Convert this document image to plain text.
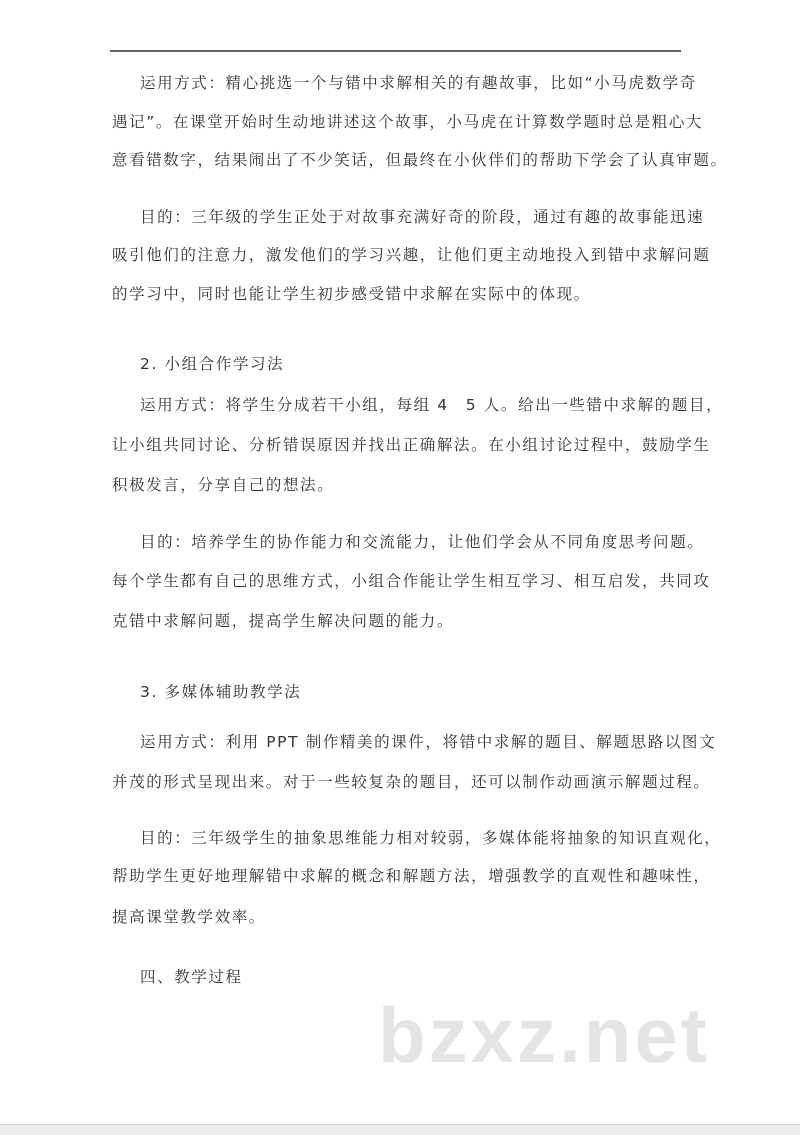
运用方式：精心挑选一个与错中求解相关的有趣故事，比如“小马虎数学奇
遇记”。在课堂开始时生动地讲述这个故事，小马虎在计算数学题时总是粗心大
意看错数字，结果闹出了不少笑话，但最终在小伙伴们的帮助下学会了认真审题。
目的：三年级的学生正处于对故事充满好奇的阶段，通过有趣的故事能迅速
吸引他们的注意力，激发他们的学习兴趣，让他们更主动地投入到错中求解问题
的学习中，同时也能让学生初步感受错中求解在实际中的体现。
2. 小组合作学习法
运用方式：将学生分成若干小组，每组 4　5 人。给出一些错中求解的题目，
让小组共同讨论、分析错误原因并找出正确解法。在小组讨论过程中，鼓励学生
积极发言，分享自己的想法。
目的：培养学生的协作能力和交流能力，让他们学会从不同角度思考问题。
每个学生都有自己的思维方式，小组合作能让学生相互学习、相互启发，共同攻
克错中求解问题，提高学生解决问题的能力。
3. 多媒体辅助教学法
运用方式：利用 PPT 制作精美的课件，将错中求解的题目、解题思路以图文
并茂的形式呈现出来。对于一些较复杂的题目，还可以制作动画演示解题过程。
目的：三年级学生的抽象思维能力相对较弱，多媒体能将抽象的知识直观化，
帮助学生更好地理解错中求解的概念和解题方法，增强教学的直观性和趣味性，
提高课堂教学效率。
四、教学过程
bzxz.net
